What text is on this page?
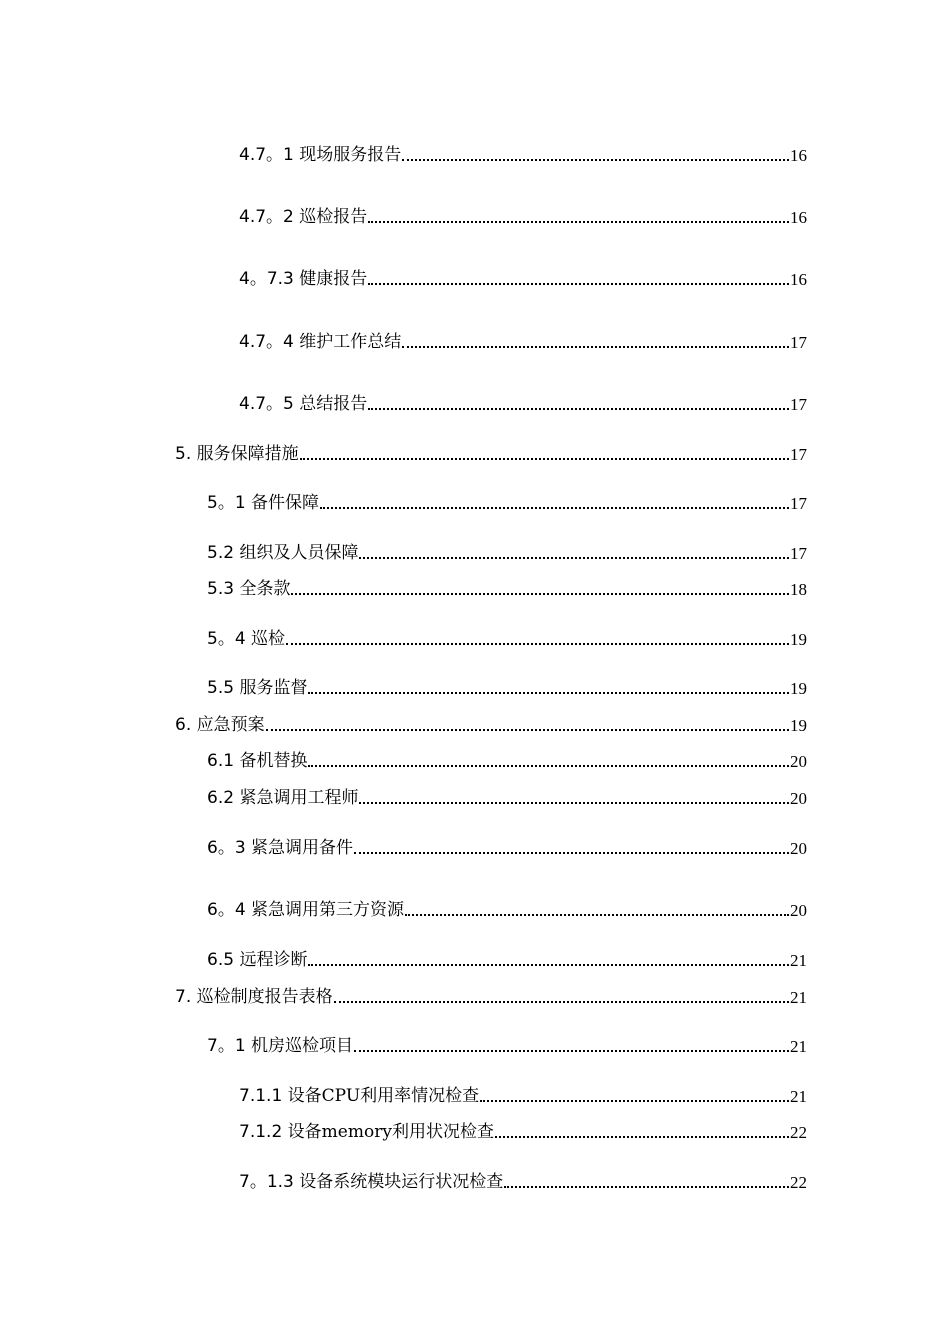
4.7。1 现场服务报告	16
4.7。2 巡检报告	16
4。7.3 健康报告	16
4.7。4 维护工作总结	17
4.7。5 总结报告	17
5. 服务保障措施	17
5。1 备件保障	17
5.2 组织及人员保障	17
5.3 全条款	18
5。4 巡检	19
5.5 服务监督	19
6. 应急预案	19
6.1 备机替换	20
6.2 紧急调用工程师	20
6。3 紧急调用备件	20
6。4 紧急调用第三方资源	20
6.5 远程诊断	21
7. 巡检制度报告表格	21
7。1 机房巡检项目	21
7.1.1 设备CPU利用率情况检查	21
7.1.2 设备memory利用状况检查	22
7。1.3 设备系统模块运行状况检查	22
